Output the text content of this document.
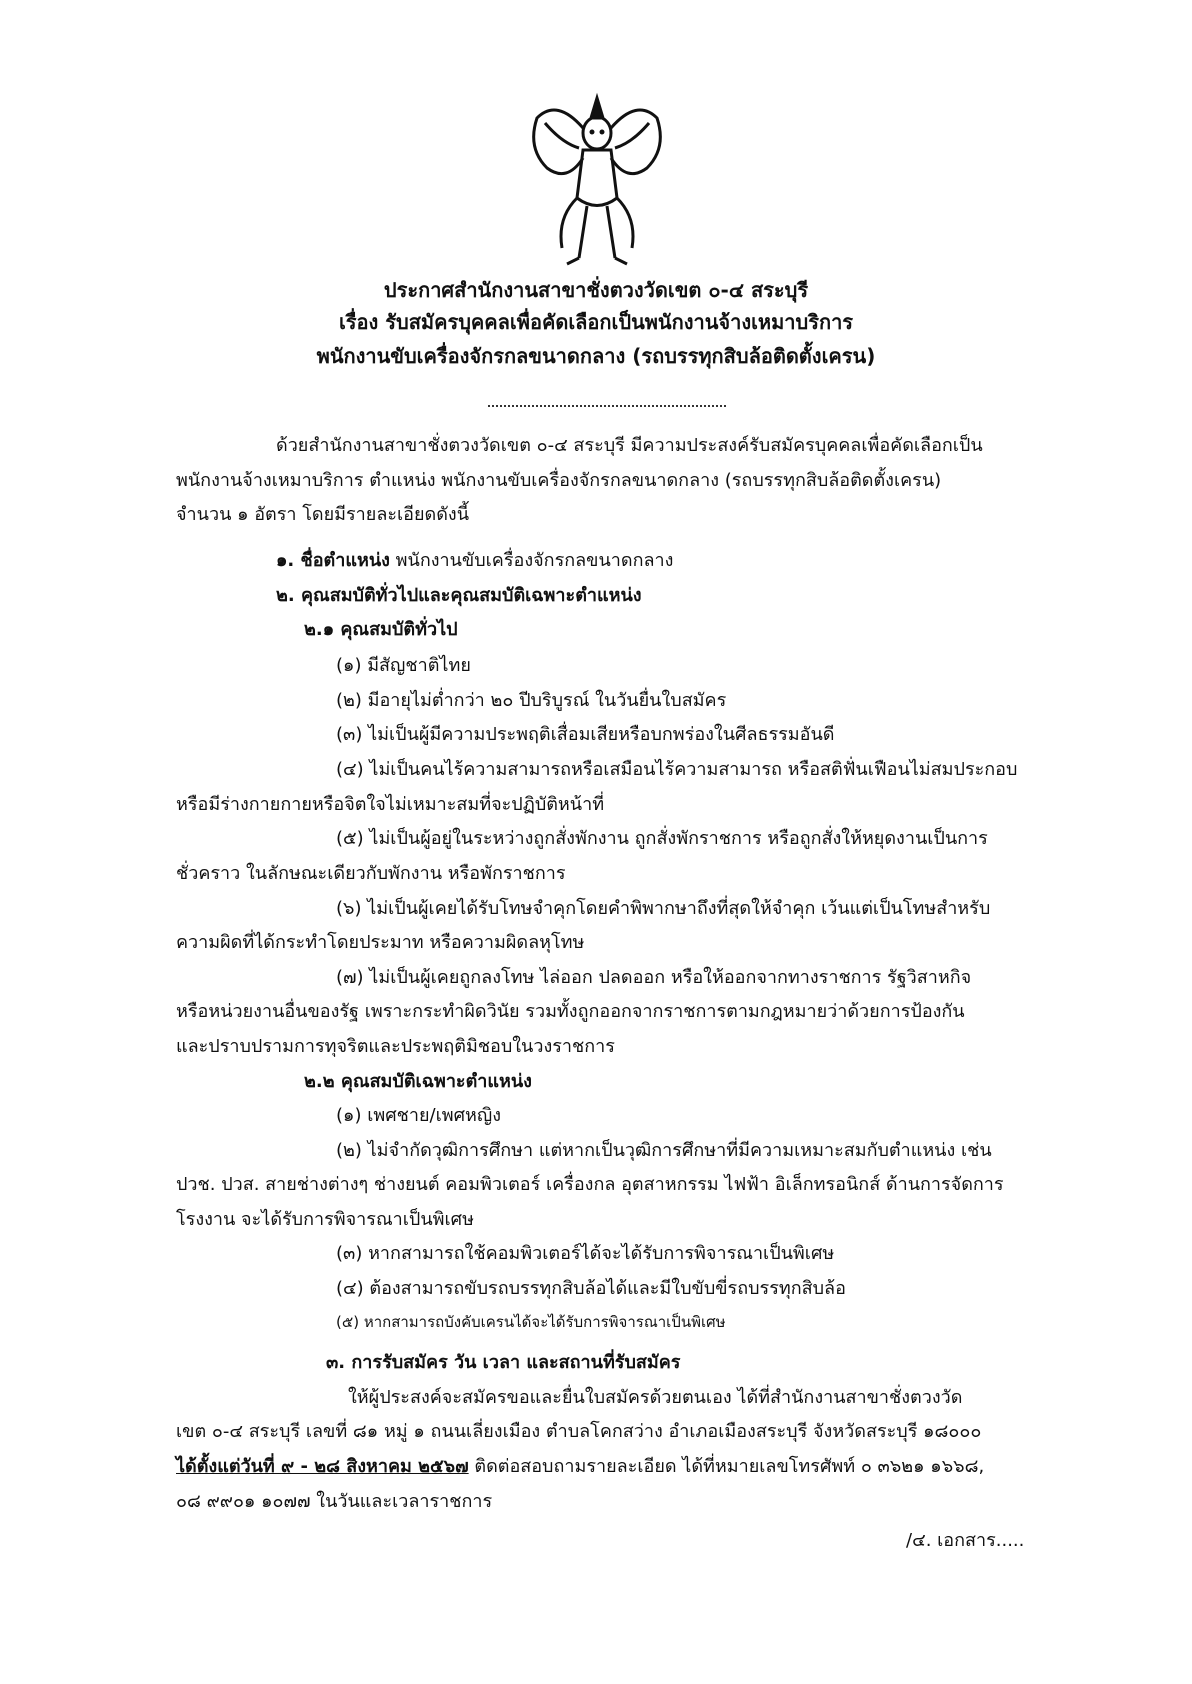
ประกาศสำนักงานสาขาชั่งตวงวัดเขต ๐-๔ สระบุรี
เรื่อง รับสมัครบุคคลเพื่อคัดเลือกเป็นพนักงานจ้างเหมาบริการ
พนักงานขับเครื่องจักรกลขนาดกลาง (รถบรรทุกสิบล้อติดตั้งเครน)
ด้วยสำนักงานสาขาชั่งตวงวัดเขต ๐-๔ สระบุรี มีความประสงค์รับสมัครบุคคลเพื่อคัดเลือกเป็น
พนักงานจ้างเหมาบริการ ตำแหน่ง พนักงานขับเครื่องจักรกลขนาดกลาง (รถบรรทุกสิบล้อติดตั้งเครน)
จำนวน ๑ อัตรา โดยมีรายละเอียดดังนี้
๑. ชื่อตำแหน่ง พนักงานขับเครื่องจักรกลขนาดกลาง
๒. คุณสมบัติทั่วไปและคุณสมบัติเฉพาะตำแหน่ง
๒.๑ คุณสมบัติทั่วไป
(๑) มีสัญชาติไทย
(๒) มีอายุไม่ต่ำกว่า ๒๐ ปีบริบูรณ์ ในวันยื่นใบสมัคร
(๓) ไม่เป็นผู้มีความประพฤติเสื่อมเสียหรือบกพร่องในศีลธรรมอันดี
(๔) ไม่เป็นคนไร้ความสามารถหรือเสมือนไร้ความสามารถ หรือสติฟั่นเฟือนไม่สมประกอบ
หรือมีร่างกายกายหรือจิตใจไม่เหมาะสมที่จะปฏิบัติหน้าที่
(๕) ไม่เป็นผู้อยู่ในระหว่างถูกสั่งพักงาน ถูกสั่งพักราชการ หรือถูกสั่งให้หยุดงานเป็นการ
ชั่วคราว ในลักษณะเดียวกับพักงาน หรือพักราชการ
(๖) ไม่เป็นผู้เคยได้รับโทษจำคุกโดยคำพิพากษาถึงที่สุดให้จำคุก เว้นแต่เป็นโทษสำหรับ
ความผิดที่ได้กระทำโดยประมาท หรือความผิดลหุโทษ
(๗) ไม่เป็นผู้เคยถูกลงโทษ ไล่ออก ปลดออก หรือให้ออกจากทางราชการ รัฐวิสาหกิจ
หรือหน่วยงานอื่นของรัฐ เพราะกระทำผิดวินัย รวมทั้งถูกออกจากราชการตามกฎหมายว่าด้วยการป้องกัน
และปราบปรามการทุจริตและประพฤติมิชอบในวงราชการ
๒.๒ คุณสมบัติเฉพาะตำแหน่ง
(๑) เพศชาย/เพศหญิง
(๒) ไม่จำกัดวุฒิการศึกษา แต่หากเป็นวุฒิการศึกษาที่มีความเหมาะสมกับตำแหน่ง เช่น
ปวช. ปวส. สายช่างต่างๆ ช่างยนต์ คอมพิวเตอร์ เครื่องกล อุตสาหกรรม ไฟฟ้า อิเล็กทรอนิกส์ ด้านการจัดการ
โรงงาน จะได้รับการพิจารณาเป็นพิเศษ
(๓) หากสามารถใช้คอมพิวเตอร์ได้จะได้รับการพิจารณาเป็นพิเศษ
(๔) ต้องสามารถขับรถบรรทุกสิบล้อได้และมีใบขับขี่รถบรรทุกสิบล้อ
(๕) หากสามารถบังคับเครนได้จะได้รับการพิจารณาเป็นพิเศษ
๓. การรับสมัคร วัน เวลา และสถานที่รับสมัคร
ให้ผู้ประสงค์จะสมัครขอและยื่นใบสมัครด้วยตนเอง ได้ที่สำนักงานสาขาชั่งตวงวัด
เขต ๐-๔ สระบุรี เลขที่ ๘๑ หมู่ ๑ ถนนเลี่ยงเมือง ตำบลโคกสว่าง อำเภอเมืองสระบุรี จังหวัดสระบุรี ๑๘๐๐๐
ได้ตั้งแต่วันที่ ๙ - ๒๘ สิงหาคม ๒๕๖๗ ติดต่อสอบถามรายละเอียด ได้ที่หมายเลขโทรศัพท์ ๐ ๓๖๒๑ ๑๖๖๘,
๐๘ ๙๙๐๑ ๑๐๗๗ ในวันและเวลาราชการ
/๔. เอกสาร.....
